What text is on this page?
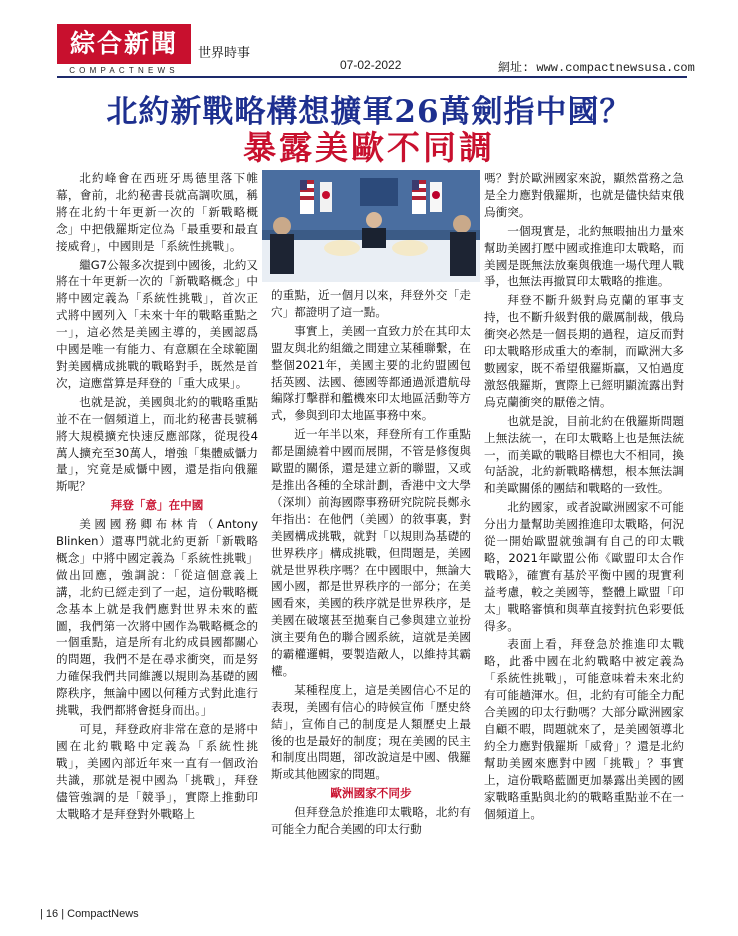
綜合新聞
COMPACTNEWS
世界時事
07-02-2022	網址: www.compactnewsusa.com
北約新戰略構想擴軍26萬劍指中國？
暴露美歐不同調

北約峰會在西班牙馬德里落下帷幕，會前，北約秘書長就高調吹風，稱將在北約十年更新一次的「新戰略概念」中把俄羅斯定位為「最重要和最直接威脅」，中國則是「系統性挑戰」。

繼G7公報多次提到中國後，北約又將在十年更新一次的「新戰略概念」中將中國定義為「系統性挑戰」，首次正式將中國列入「未來十年的戰略重點之一」，這必然是美國主導的，美國認爲中國是唯一有能力、有意願在全球範圍對美國構成挑戰的戰略對手，既然是首次，這應當算是拜登的「重大成果」。

也就是說，美國與北約的戰略重點並不在一個頻道上，而北約秘書長號稱將大規模擴充快速反應部隊，從現役4萬人擴充至30萬人，增強「集體威懾力量」，究竟是威懾中國，還是指向俄羅斯呢？

拜登「意」在中國

美國國務卿布林肯（Antony Blinken）還專門就北約更新「新戰略概念」中將中國定義為「系統性挑戰」做出回應，強調說：「從這個意義上講，北約已經走到了一起，這份戰略概念基本上就是我們應對世界未來的藍圖，我們第一次將中國作為戰略概念的一個重點，這是所有北約成員國都關心的問題，我們不是在尋求衝突，而是努力確保我們共同維護以規則為基礎的國際秩序，無論中國以何種方式對此進行挑戰，我們都將會挺身而出。」

可見，拜登政府非常在意的是將中國在北約戰略中定義為「系統性挑戰」，美國內部近年來一直有一個政治共識，那就是視中國為「挑戰」，拜登儘管強調的是「競爭」，實際上推動印太戰略才是拜登對外戰略上

的重點，近一個月以來，拜登外交「走穴」都證明了這一點。

事實上，美國一直致力於在其印太盟友與北約組織之間建立某種聯繫，在整個2021年，美國主要的北約盟國包括英國、法國、德國等都通過派遣航母編隊打擊群和艦機來印太地區活動等方式，參與到印太地區事務中來。

近一年半以來，拜登所有工作重點都是圍繞着中國而展開，不管是修復與歐盟的關係，還是建立新的聯盟，又或是推出各種的全球計劃，香港中文大學（深圳）前海國際事務研究院院長鄭永年指出：在他們（美國）的敘事裏，對美國構成挑戰，就對「以規則為基礎的世界秩序」構成挑戰，但問題是，美國就是世界秩序嗎？在中國眼中，無論大國小國，都是世界秩序的一部分；在美國看來，美國的秩序就是世界秩序，是美國在破壞甚至拋棄自己參與建立並扮演主要角色的聯合國系統，這就是美國的霸權邏輯，要製造敵人，以維持其霸權。

某種程度上，這是美國信心不足的表現，美國有信心的時候宣佈「歷史終結」，宣佈自己的制度是人類歷史上最後的也是最好的制度；現在美國的民主和制度出問題，卻改說這是中國、俄羅斯或其他國家的問題。

歐洲國家不同步

但拜登急於推進印太戰略，北約有可能全力配合美國的印太行動

嗎？對於歐洲國家來說，顯然當務之急是全力應對俄羅斯，也就是儘快結束俄烏衝突。

一個現實是，北約無暇抽出力量來幫助美國打壓中國或推進印太戰略，而美國是既無法放棄與俄進一場代理人戰爭，也無法再撤買印太戰略的推進。

拜登不斷升級對烏克蘭的軍事支持，也不斷升級對俄的嚴厲制裁，俄烏衝突必然是一個長期的過程，這反而對印太戰略形成重大的牽制，而歐洲大多數國家，既不希望俄羅斯贏，又怕過度激怒俄羅斯，實際上已經明顯流露出對烏克蘭衝突的厭倦之情。

也就是說，目前北約在俄羅斯問題上無法統一，在印太戰略上也是無法統一，而美歐的戰略目標也大不相同，換句話說，北約新戰略構想，根本無法調和美歐關係的團結和戰略的一致性。

北約國家，或者說歐洲國家不可能分出力量幫助美國推進印太戰略，何況從一開始歐盟就強調有自己的印太戰略，2021年歐盟公佈《歐盟印太合作戰略》，確實有基於平衡中國的現實利益考慮，較之美國等，整體上歐盟「印太」戰略審慎和與華直接對抗色彩要低得多。

表面上看，拜登急於推進印太戰略，此番中國在北約戰略中被定義為「系統性挑戰」，可能意味着未來北約有可能趟渾水。但，北約有可能全力配合美國的印太行動嗎？大部分歐洲國家自顧不暇，問題就來了，是美國領導北約全力應對俄羅斯「威脅」？還是北約幫助美國來應對中國「挑戰」？事實上，這份戰略藍圖更加暴露出美國的國家戰略重點與北約的戰略重點並不在一個頻道上。

| 16 | CompactNews
